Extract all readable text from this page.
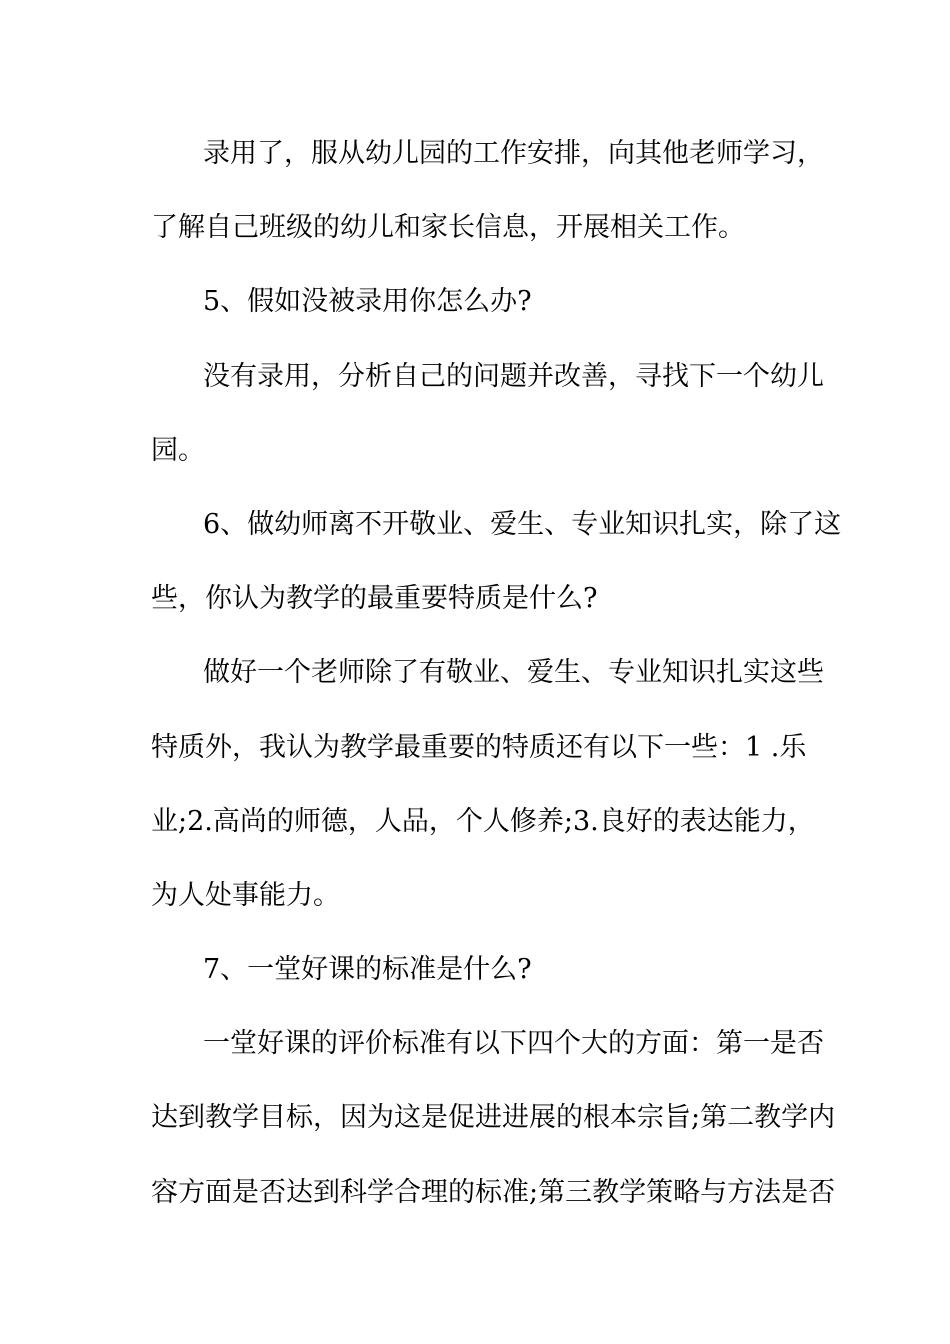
录用了，服从幼儿园的工作安排，向其他老师学习，
了解自己班级的幼儿和家长信息，开展相关工作。
5、假如没被录用你怎么办?
没有录用，分析自己的问题并改善，寻找下一个幼儿
园。
6、做幼师离不开敬业、爱生、专业知识扎实，除了这
些，你认为教学的最重要特质是什么?
做好一个老师除了有敬业、爱生、专业知识扎实这些
特质外，我认为教学最重要的特质还有以下一些：1 .乐
业;2.高尚的师德，人品，个人修养;3.良好的表达能力，
为人处事能力。
7、一堂好课的标准是什么?
一堂好课的评价标准有以下四个大的方面：第一是否
达到教学目标，因为这是促进进展的根本宗旨;第二教学内
容方面是否达到科学合理的标准;第三教学策略与方法是否
